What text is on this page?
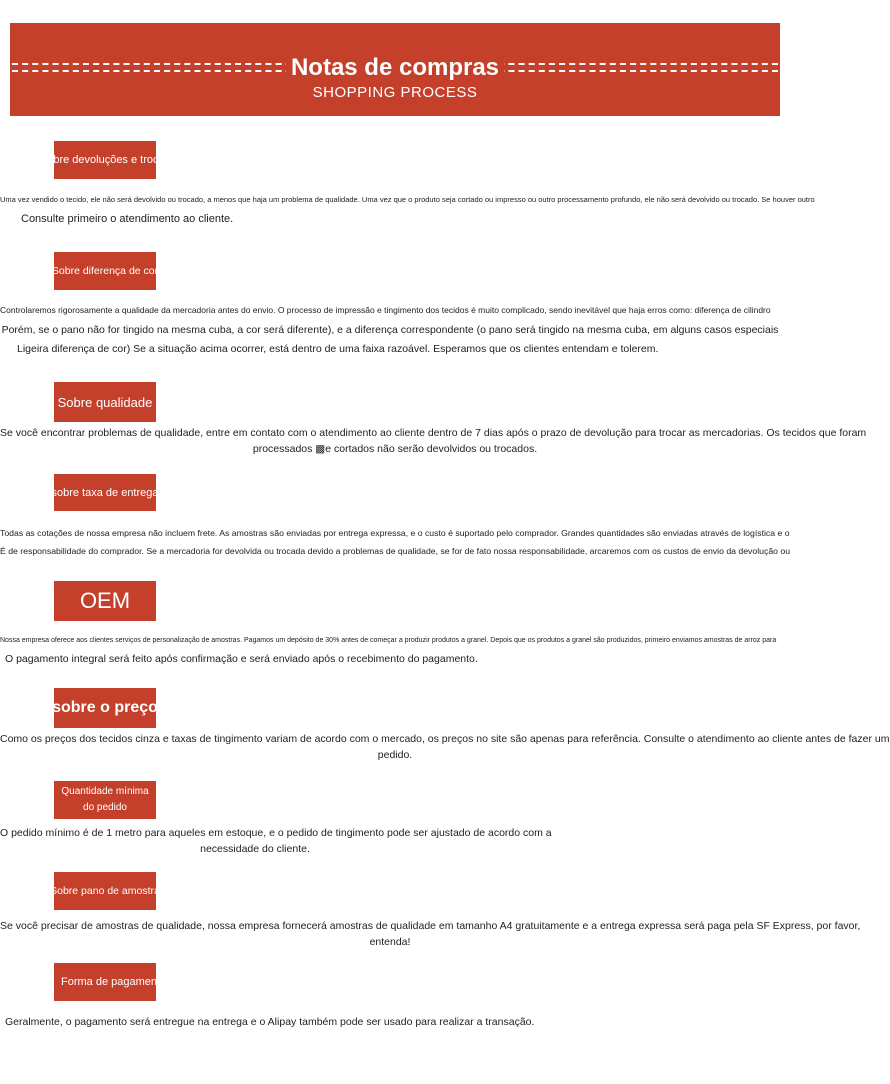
Notas de compras
SHOPPING PROCESS
Sobre devoluções e trocas
Uma vez vendido o tecido, ele não será devolvido ou trocado, a menos que haja um problema de qualidade. Uma vez que o produto seja cortado ou impresso ou outro processamento profundo, ele não será devolvido ou trocado. Se houver outro
Consulte primeiro o atendimento ao cliente.
Sobre diferença de cor
Controlaremos rigorosamente a qualidade da mercadoria antes do envio. O processo de impressão e tingimento dos tecidos é muito complicado, sendo inevitável que haja erros como: diferença de cilindro
Porém, se o pano não for tingido na mesma cuba, a cor será diferente), e a diferença correspondente (o pano será tingido na mesma cuba, em alguns casos especiais
Ligeira diferença de cor) Se a situação acima ocorrer, está dentro de uma faixa razoável. Esperamos que os clientes entendam e tolerem.
Sobre qualidade
Se você encontrar problemas de qualidade, entre em contato com o atendimento ao cliente dentro de 7 dias após o prazo de devolução para trocar as mercadorias. Os tecidos que foram
processados ▩e cortados não serão devolvidos ou trocados.
sobre taxa de entrega
Todas as cotações de nossa empresa não incluem frete. As amostras são enviadas por entrega expressa, e o custo é suportado pelo comprador. Grandes quantidades são enviadas através de logística e o
É de responsabilidade do comprador. Se a mercadoria for devolvida ou trocada devido a problemas de qualidade, se for de fato nossa responsabilidade, arcaremos com os custos de envio da devolução ou
OEM
Nossa empresa oferece aos clientes serviços de personalização de amostras. Pagamos um depósito de 30% antes de começar a produzir produtos a granel. Depois que os produtos a granel são produzidos, primeiro enviamos amostras de arroz para
O pagamento integral será feito após confirmação e será enviado após o recebimento do pagamento.
sobre o preço
Como os preços dos tecidos cinza e taxas de tingimento variam de acordo com o mercado, os preços no site são apenas para referência. Consulte o atendimento ao cliente antes de fazer um
pedido.
Quantidade mínima do pedido
O pedido mínimo é de 1 metro para aqueles em estoque, e o pedido de tingimento pode ser ajustado de acordo com a
necessidade do cliente.
Sobre pano de amostra
Se você precisar de amostras de qualidade, nossa empresa fornecerá amostras de qualidade em tamanho A4 gratuitamente e a entrega expressa será paga pela SF Express, por favor,
entenda!
Forma de pagamento
Geralmente, o pagamento será entregue na entrega e o Alipay também pode ser usado para realizar a transação.
